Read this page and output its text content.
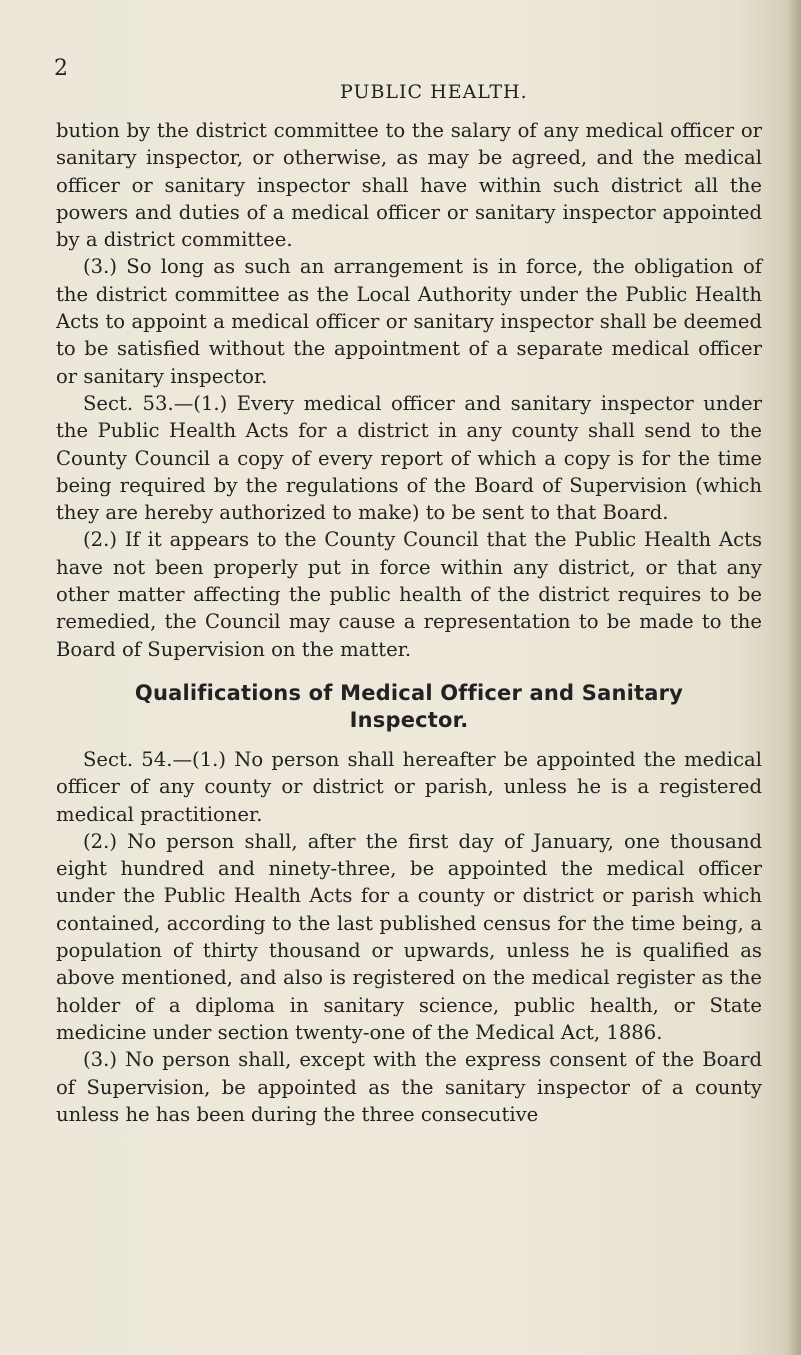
2
PUBLIC HEALTH.

bution by the district committee to the salary of any medical officer or sanitary inspector, or otherwise, as may be agreed, and the medical officer or sanitary inspector shall have within such district all the powers and duties of a medical officer or sanitary inspector appointed by a district committee.

(3.) So long as such an arrangement is in force, the obligation of the district committee as the Local Authority under the Public Health Acts to appoint a medical officer or sanitary inspector shall be deemed to be satisfied without the appointment of a separate medical officer or sanitary inspector.

Sect. 53.—(1.) Every medical officer and sanitary inspector under the Public Health Acts for a district in any county shall send to the County Council a copy of every report of which a copy is for the time being required by the regulations of the Board of Supervision (which they are hereby authorized to make) to be sent to that Board.

(2.) If it appears to the County Council that the Public Health Acts have not been properly put in force within any district, or that any other matter affecting the public health of the district requires to be remedied, the Council may cause a representation to be made to the Board of Supervision on the matter.

Qualifications of Medical Officer and Sanitary
Inspector.

Sect. 54.—(1.) No person shall hereafter be appointed the medical officer of any county or district or parish, unless he is a registered medical practitioner.

(2.) No person shall, after the first day of January, one thousand eight hundred and ninety-three, be appointed the medical officer under the Public Health Acts for a county or district or parish which contained, according to the last published census for the time being, a population of thirty thousand or upwards, unless he is qualified as above mentioned, and also is registered on the medical register as the holder of a diploma in sanitary science, public health, or State medicine under section twenty-one of the Medical Act, 1886.

(3.) No person shall, except with the express consent of the Board of Supervision, be appointed as the sanitary inspector of a county unless he has been during the three consecutive
